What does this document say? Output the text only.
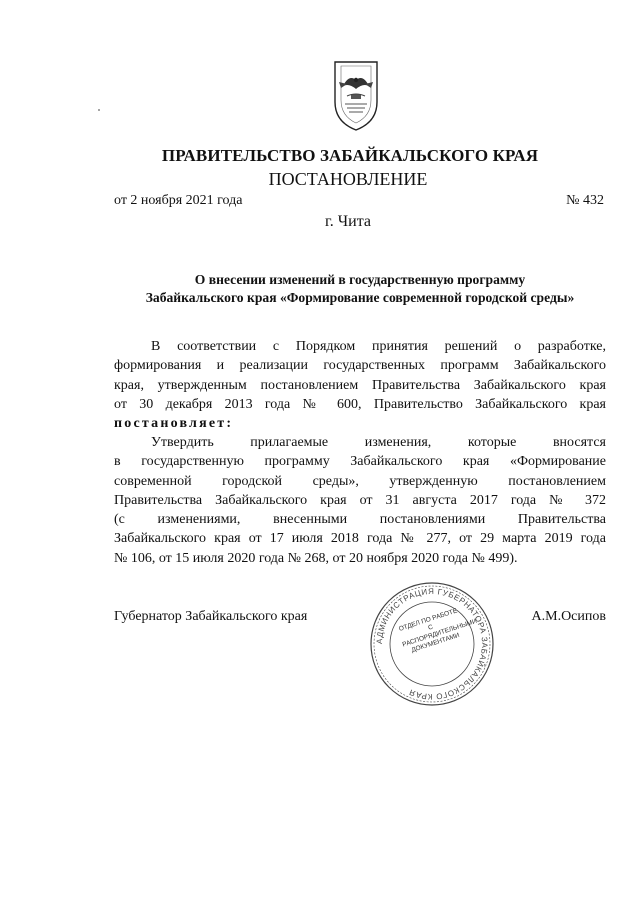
ПРАВИТЕЛЬСТВО ЗАБАЙКАЛЬСКОГО КРАЯ
ПОСТАНОВЛЕНИЕ
от 2 ноября 2021 года	№ 432
г. Чита
О внесении изменений в государственную программу
Забайкальского края «Формирование современной городской среды»
В соответствии с Порядком принятия решений о разработке,
формирования и реализации государственных программ Забайкальского
края, утвержденным постановлением Правительства Забайкальского края
от 30 декабря 2013 года № 600, Правительство Забайкальского края
постановляет:
Утвердить прилагаемые изменения, которые вносятся
в государственную программу Забайкальского края «Формирование
современной городской среды», утвержденную постановлением
Правительства Забайкальского края от 31 августа 2017 года № 372
(с изменениями, внесенными постановлениями Правительства
Забайкальского края от 17 июля 2018 года № 277, от 29 марта 2019 года
№ 106, от 15 июля 2020 года № 268, от 20 ноября 2020 года № 499).
Губернатор Забайкальского края	А.М.Осипов
АДМИНИСТРАЦИЯ ГУБЕРНАТОРА ЗАБАЙКАЛЬСКОГО КРАЯ
ОТДЕЛ ПО РАБОТЕ С РАСПОРЯДИТЕЛЬНЫМИ ДОКУМЕНТАМИ
